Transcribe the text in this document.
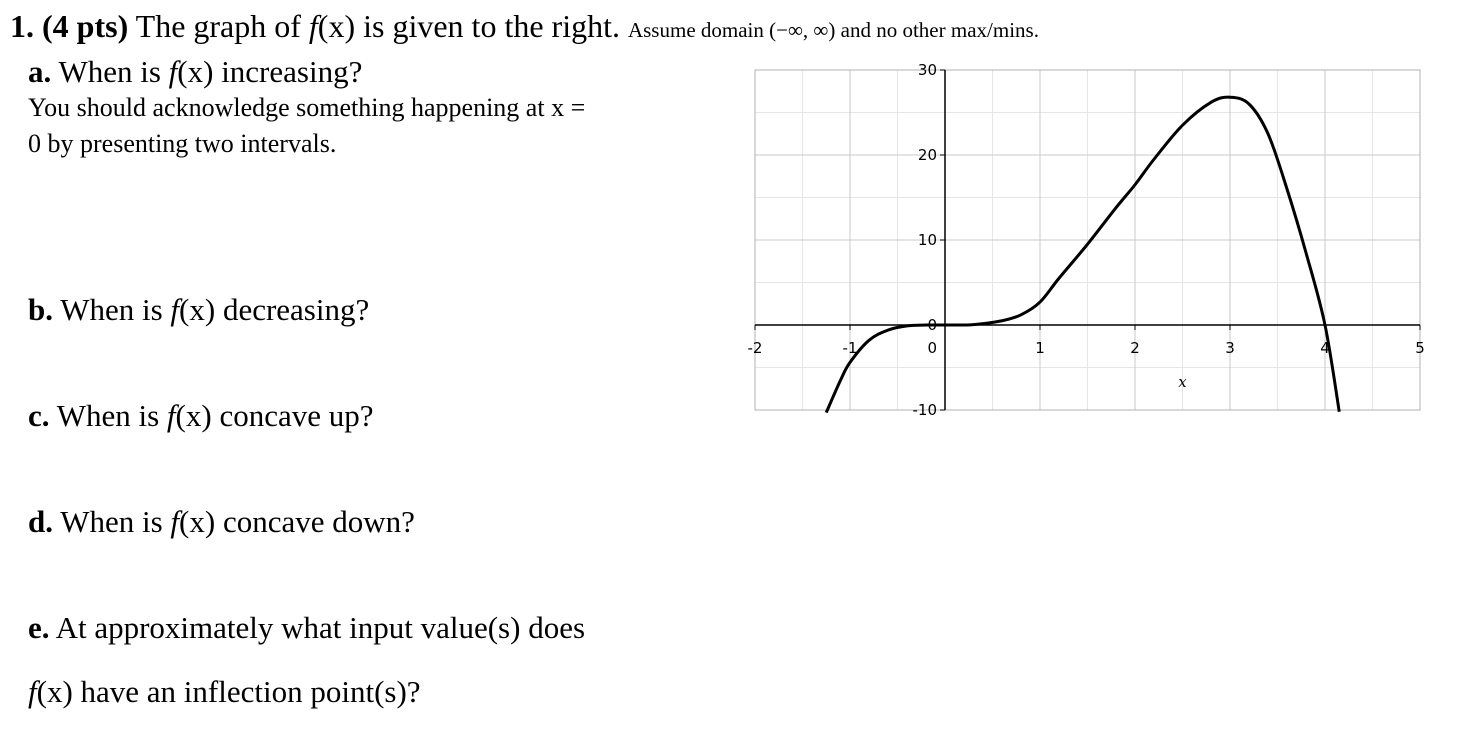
1. (4 pts) The graph of f(x) is given to the right. Assume domain (−∞, ∞) and no other max/mins.
a. When is f(x) increasing?
You should acknowledge something happening at x =
0 by presenting two intervals.
b. When is f(x) decreasing?
c. When is f(x) concave up?
d. When is f(x) concave down?
e. At approximately what input value(s) does
f(x) have an inflection point(s)?
-2	-1	1	2	3	4	5
30
20
10
0
-10
0
x
